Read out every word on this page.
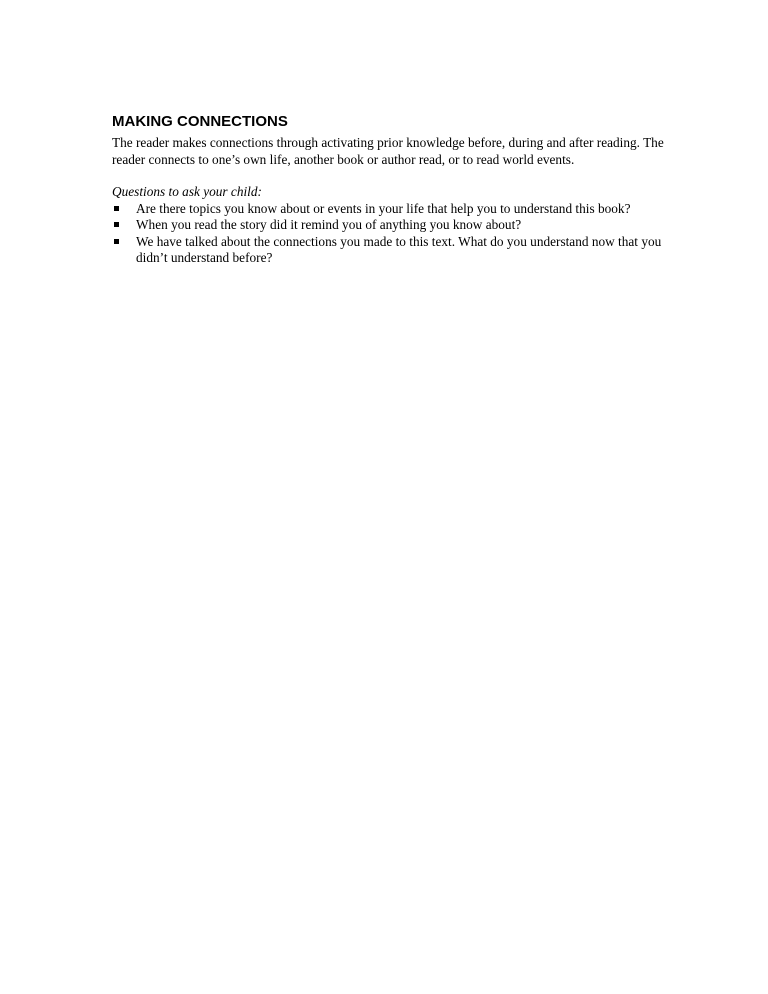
MAKING CONNECTIONS

The reader makes connections through activating prior knowledge before, during and after reading. The reader connects to one’s own life, another book or author read, or to read world events.

Questions to ask your child:

Are there topics you know about or events in your life that help you to understand this book?
When you read the story did it remind you of anything you know about?
We have talked about the connections you made to this text. What do you understand now that you didn’t understand before?
